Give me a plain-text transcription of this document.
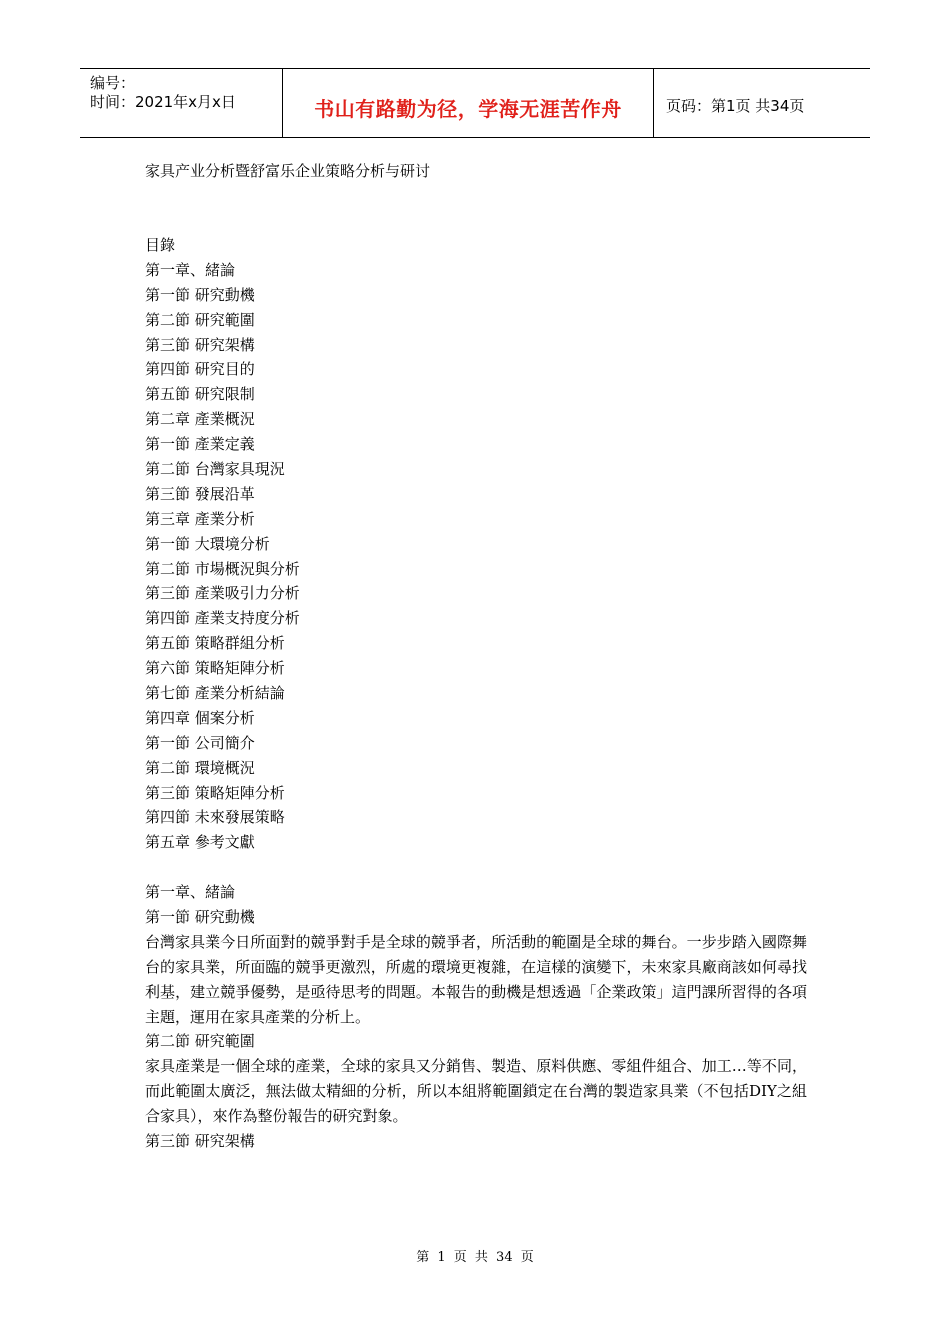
编号：
时间：2021年x月x日	书山有路勤为径，学海无涯苦作舟	页码：第1页 共34页
家具产业分析暨舒富乐企业策略分析与研讨
目錄
第一章、緒論
第一節 研究動機
第二節 研究範圍
第三節 研究架構
第四節 研究目的
第五節 研究限制
第二章 產業概況
第一節 產業定義
第二節 台灣家具現況
第三節 發展沿革
第三章 產業分析
第一節 大環境分析
第二節 市場概況與分析
第三節 產業吸引力分析
第四節 產業支持度分析
第五節 策略群組分析
第六節 策略矩陣分析
第七節 產業分析結論
第四章 個案分析
第一節 公司簡介
第二節 環境概況
第三節 策略矩陣分析
第四節 未來發展策略
第五章 參考文獻
第一章、緒論
第一節 研究動機
台灣家具業今日所面對的競爭對手是全球的競爭者，所活動的範圍是全球的舞台。一步步踏入國際舞台的家具業，所面臨的競爭更激烈，所處的環境更複雜，在這樣的演變下，未來家具廠商該如何尋找利基，建立競爭優勢，是亟待思考的問題。本報告的動機是想透過「企業政策」這門課所習得的各項主題，運用在家具產業的分析上。
第二節 研究範圍
家具產業是一個全球的產業，全球的家具又分銷售、製造、原料供應、零組件組合、加工…等不同，而此範圍太廣泛，無法做太精細的分析，所以本組將範圍鎖定在台灣的製造家具業（不包括DIY之組合家具），來作為整份報告的研究對象。
第三節 研究架構
第 1 页 共 34 页
